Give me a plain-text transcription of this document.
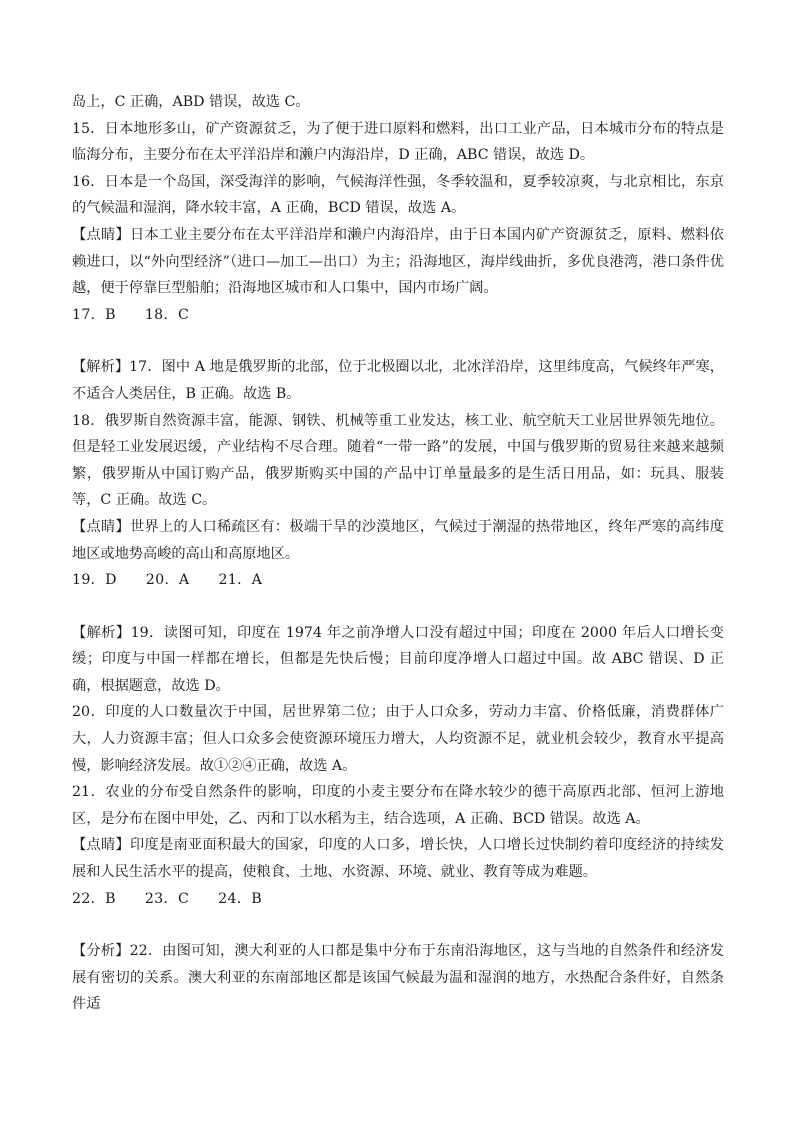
岛上，C 正确，ABD 错误，故选 C。

15．日本地形多山，矿产资源贫乏，为了便于进口原料和燃料，出口工业产品，日本城市分布的特点是临海分布，主要分布在太平洋沿岸和濑户内海沿岸，D 正确，ABC 错误，故选 D。

16．日本是一个岛国，深受海洋的影响，气候海洋性强，冬季较温和，夏季较凉爽，与北京相比，东京的气候温和湿润，降水较丰富，A 正确，BCD 错误，故选 A。

【点睛】日本工业主要分布在太平洋沿岸和濑户内海沿岸，由于日本国内矿产资源贫乏，原料、燃料依赖进口，以“外向型经济”（进口—加工—出口）为主；沿海地区，海岸线曲折，多优良港湾，港口条件优越，便于停靠巨型船舶；沿海地区城市和人口集中，国内市场广阔。

17．B　　18．C

【解析】17．图中 A 地是俄罗斯的北部，位于北极圈以北，北冰洋沿岸，这里纬度高，气候终年严寒，不适合人类居住，B 正确。故选 B。

18．俄罗斯自然资源丰富，能源、钢铁、机械等重工业发达，核工业、航空航天工业居世界领先地位。但是轻工业发展迟缓，产业结构不尽合理。随着“一带一路”的发展，中国与俄罗斯的贸易往来越来越频繁，俄罗斯从中国订购产品，俄罗斯购买中国的产品中订单量最多的是生活日用品，如：玩具、服装等，C 正确。故选 C。

【点睛】世界上的人口稀疏区有：极端干旱的沙漠地区，气候过于潮湿的热带地区，终年严寒的高纬度地区或地势高峻的高山和高原地区。

19．D　　20．A　　21．A

【解析】19．读图可知，印度在 1974 年之前净增人口没有超过中国；印度在 2000 年后人口增长变缓；印度与中国一样都在增长，但都是先快后慢；目前印度净增人口超过中国。故 ABC 错误、D 正确，根据题意，故选 D。

20．印度的人口数量次于中国，居世界第二位；由于人口众多，劳动力丰富、价格低廉，消费群体广大，人力资源丰富；但人口众多会使资源环境压力增大，人均资源不足，就业机会较少，教育水平提高慢，影响经济发展。故①②④正确，故选 A。

21．农业的分布受自然条件的影响，印度的小麦主要分布在降水较少的德干高原西北部、恒河上游地区，是分布在图中甲处，乙、丙和丁以水稻为主，结合选项，A 正确、BCD 错误。故选 A。

【点睛】印度是南亚面积最大的国家，印度的人口多，增长快，人口增长过快制约着印度经济的持续发展和人民生活水平的提高，使粮食、土地、水资源、环境、就业、教育等成为难题。

22．B　　23．C　　24．B

【分析】22．由图可知，澳大利亚的人口都是集中分布于东南沿海地区，这与当地的自然条件和经济发展有密切的关系。澳大利亚的东南部地区都是该国气候最为温和湿润的地方，水热配合条件好，自然条件适
